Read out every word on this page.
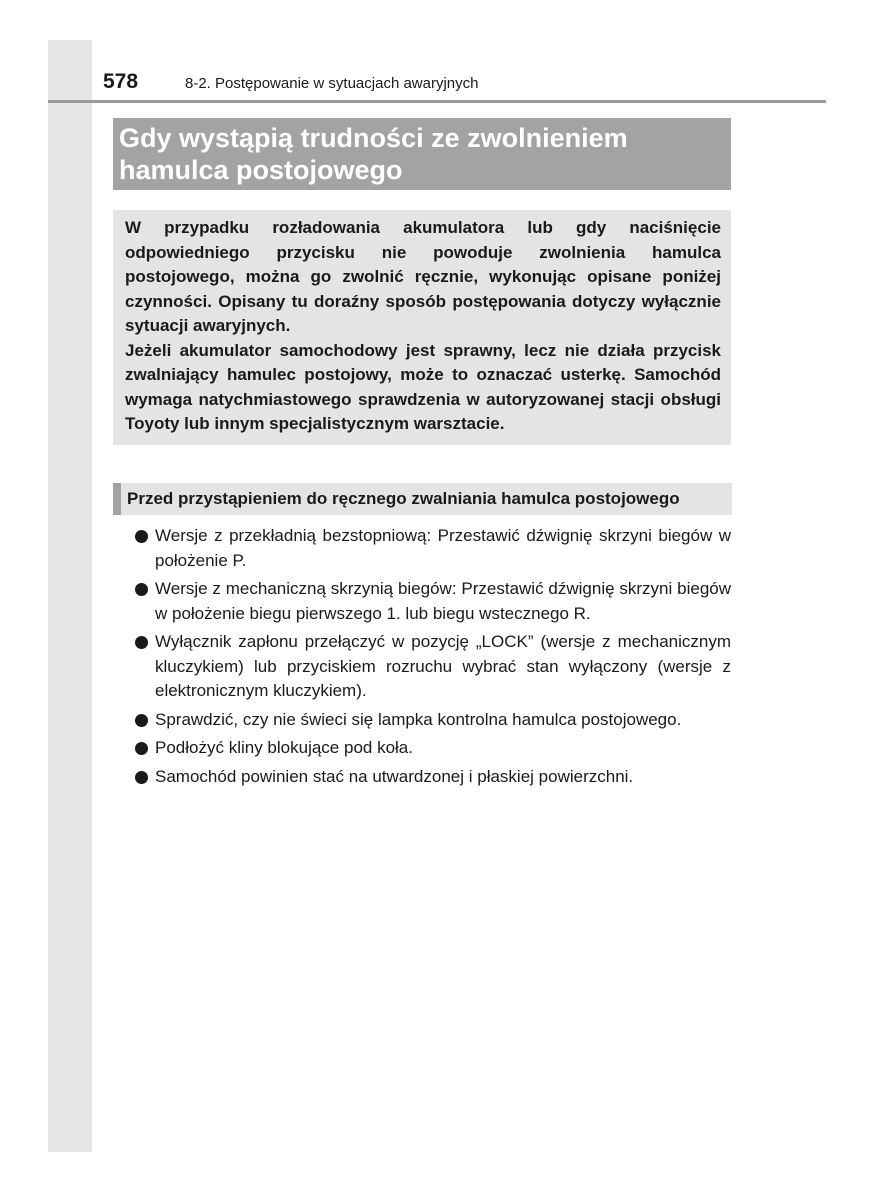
578	8-2. Postępowanie w sytuacjach awaryjnych
Gdy wystąpią trudności ze zwolnieniem hamulca postojowego

W przypadku rozładowania akumulatora lub gdy naciśnięcie odpowiedniego przycisku nie powoduje zwolnienia hamulca postojowego, można go zwolnić ręcznie, wykonując opisane poniżej czynności. Opisany tu doraźny sposób postępowania dotyczy wyłącznie sytuacji awaryjnych.

Jeżeli akumulator samochodowy jest sprawny, lecz nie działa przycisk zwalniający hamulec postojowy, może to oznaczać usterkę. Samochód wymaga natychmiastowego sprawdzenia w autoryzowanej stacji obsługi Toyoty lub innym specjalistycznym warsztacie.

Przed przystąpieniem do ręcznego zwalniania hamulca postojowego
Wersje z przekładnią bezstopniową: Przestawić dźwignię skrzyni biegów w położenie P.
Wersje z mechaniczną skrzynią biegów: Przestawić dźwignię skrzyni biegów w położenie biegu pierwszego 1. lub biegu wstecznego R.
Wyłącznik zapłonu przełączyć w pozycję „LOCK” (wersje z mechanicznym kluczykiem) lub przyciskiem rozruchu wybrać stan wyłączony (wersje z elektronicznym kluczykiem).
Sprawdzić, czy nie świeci się lampka kontrolna hamulca postojowego.
Podłożyć kliny blokujące pod koła.
Samochód powinien stać na utwardzonej i płaskiej powierzchni.
